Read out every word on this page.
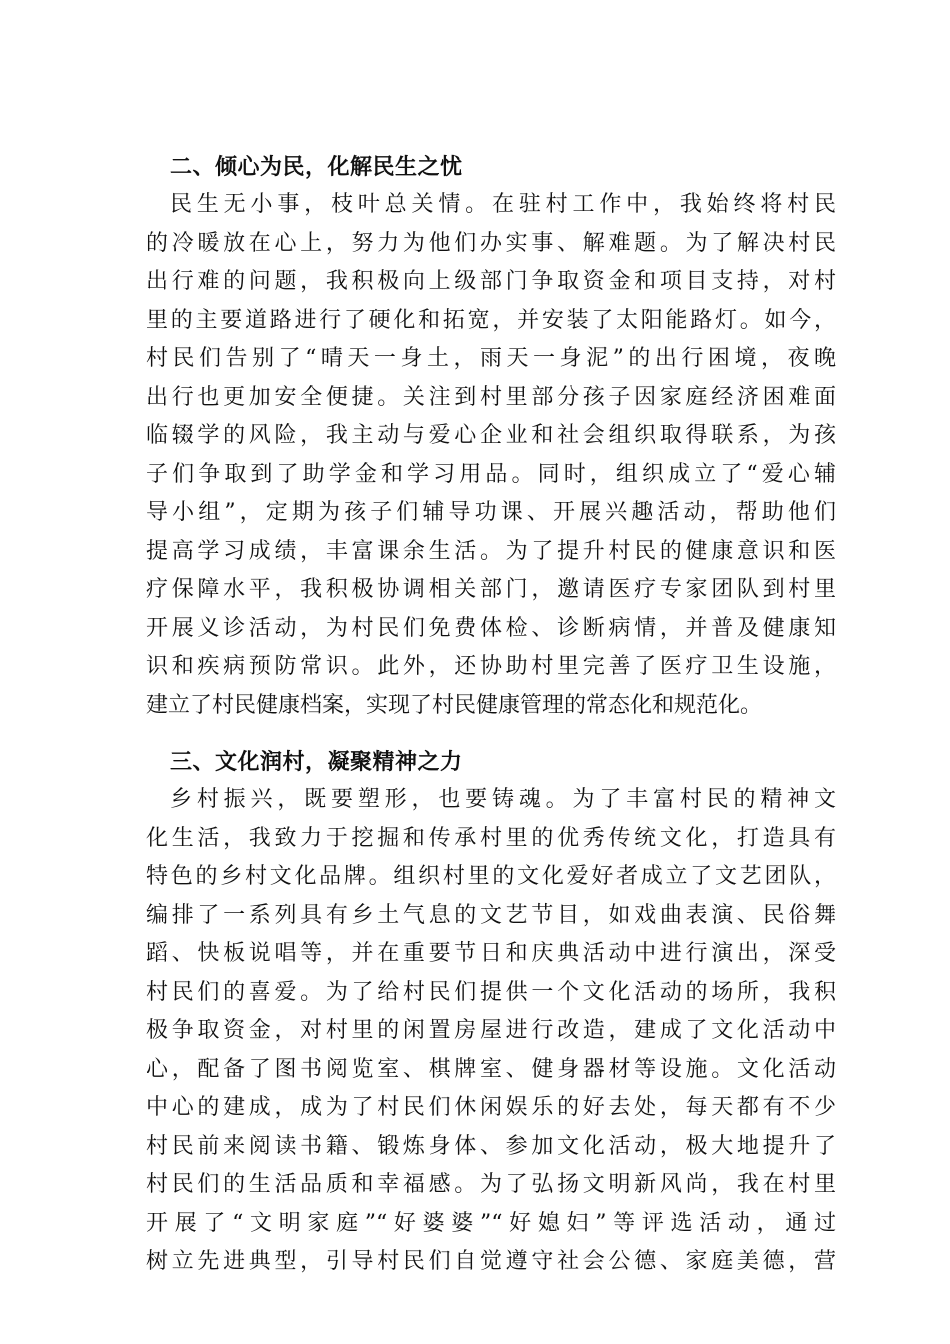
二、倾心为民，化解民生之忧
民生无小事，枝叶总关情。在驻村工作中，我始终将村民
的冷暖放在心上，努力为他们办实事、解难题。为了解决村民
出行难的问题，我积极向上级部门争取资金和项目支持，对村
里的主要道路进行了硬化和拓宽，并安装了太阳能路灯。如今，
村民们告别了“晴天一身土，雨天一身泥”的出行困境，夜晚
出行也更加安全便捷。关注到村里部分孩子因家庭经济困难面
临辍学的风险，我主动与爱心企业和社会组织取得联系，为孩
子们争取到了助学金和学习用品。同时，组织成立了“爱心辅
导小组”，定期为孩子们辅导功课、开展兴趣活动，帮助他们
提高学习成绩，丰富课余生活。为了提升村民的健康意识和医
疗保障水平，我积极协调相关部门，邀请医疗专家团队到村里
开展义诊活动，为村民们免费体检、诊断病情，并普及健康知
识和疾病预防常识。此外，还协助村里完善了医疗卫生设施，
建立了村民健康档案，实现了村民健康管理的常态化和规范化。
三、文化润村，凝聚精神之力
乡村振兴，既要塑形，也要铸魂。为了丰富村民的精神文
化生活，我致力于挖掘和传承村里的优秀传统文化，打造具有
特色的乡村文化品牌。组织村里的文化爱好者成立了文艺团队，
编排了一系列具有乡土气息的文艺节目，如戏曲表演、民俗舞
蹈、快板说唱等，并在重要节日和庆典活动中进行演出，深受
村民们的喜爱。为了给村民们提供一个文化活动的场所，我积
极争取资金，对村里的闲置房屋进行改造，建成了文化活动中
心，配备了图书阅览室、棋牌室、健身器材等设施。文化活动
中心的建成，成为了村民们休闲娱乐的好去处，每天都有不少
村民前来阅读书籍、锻炼身体、参加文化活动，极大地提升了
村民们的生活品质和幸福感。为了弘扬文明新风尚，我在村里
开展了“文明家庭”“好婆婆”“好媳妇”等评选活动，通过
树立先进典型，引导村民们自觉遵守社会公德、家庭美德，营
